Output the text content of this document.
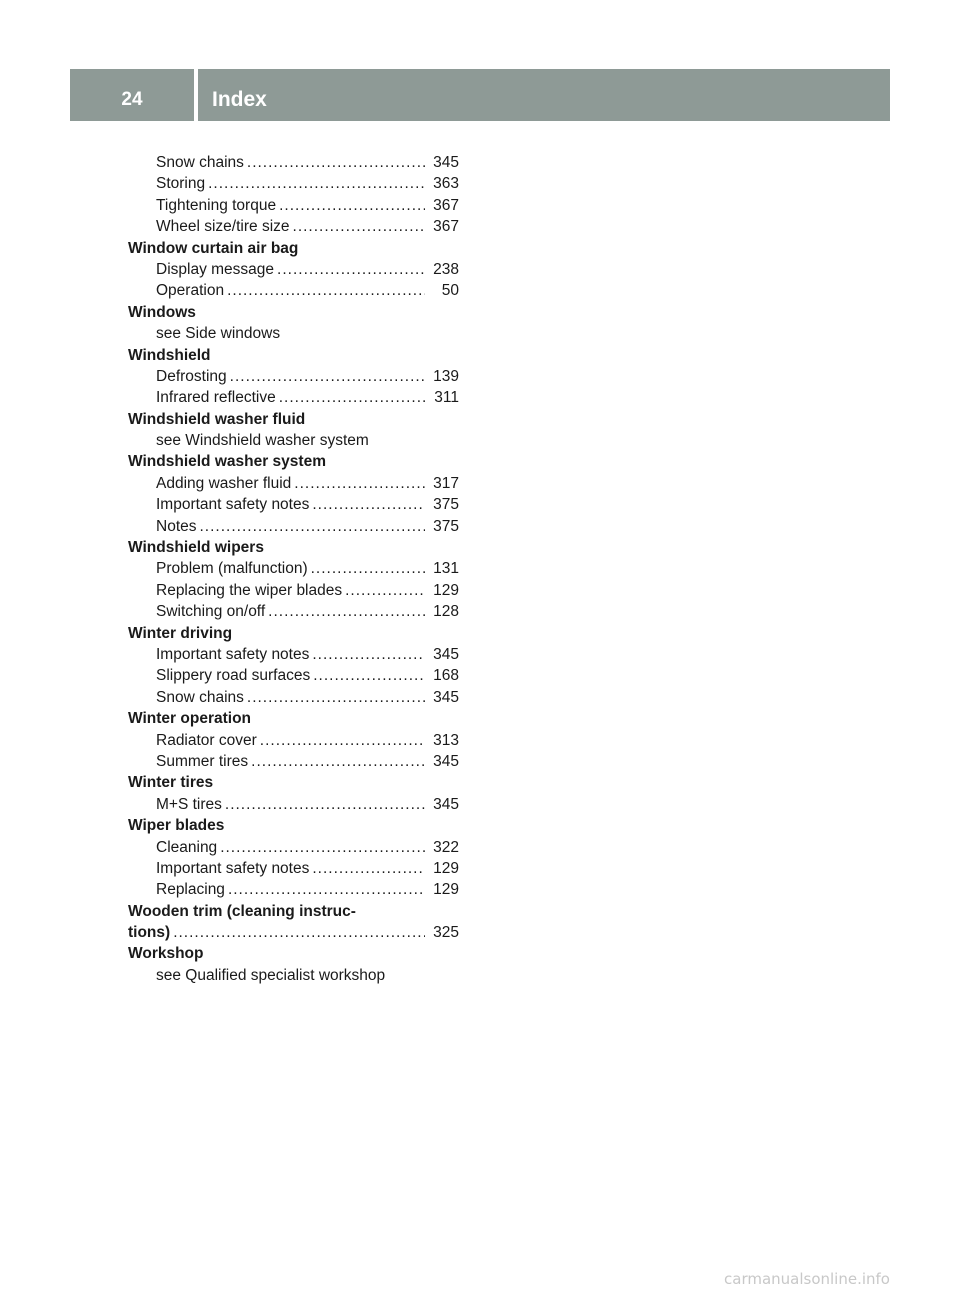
24	Index
Snow chains .....	345
Storing .....	363
Tightening torque .....	367
Wheel size/tire size .....	367
Window curtain air bag
Display message .....	238
Operation .....	50
Windows
see Side windows
Windshield
Defrosting .....	139
Infrared reflective .....	311
Windshield washer fluid
see Windshield washer system
Windshield washer system
Adding washer fluid .....	317
Important safety notes .....	375
Notes .....	375
Windshield wipers
Problem (malfunction) .....	131
Replacing the wiper blades .....	129
Switching on/off .....	128
Winter driving
Important safety notes .....	345
Slippery road surfaces .....	168
Snow chains .....	345
Winter operation
Radiator cover .....	313
Summer tires .....	345
Winter tires
M+S tires .....	345
Wiper blades
Cleaning .....	322
Important safety notes .....	129
Replacing .....	129
Wooden trim (cleaning instruc-
tions) .....	325
Workshop
see Qualified specialist workshop
carmanualsonline.info
